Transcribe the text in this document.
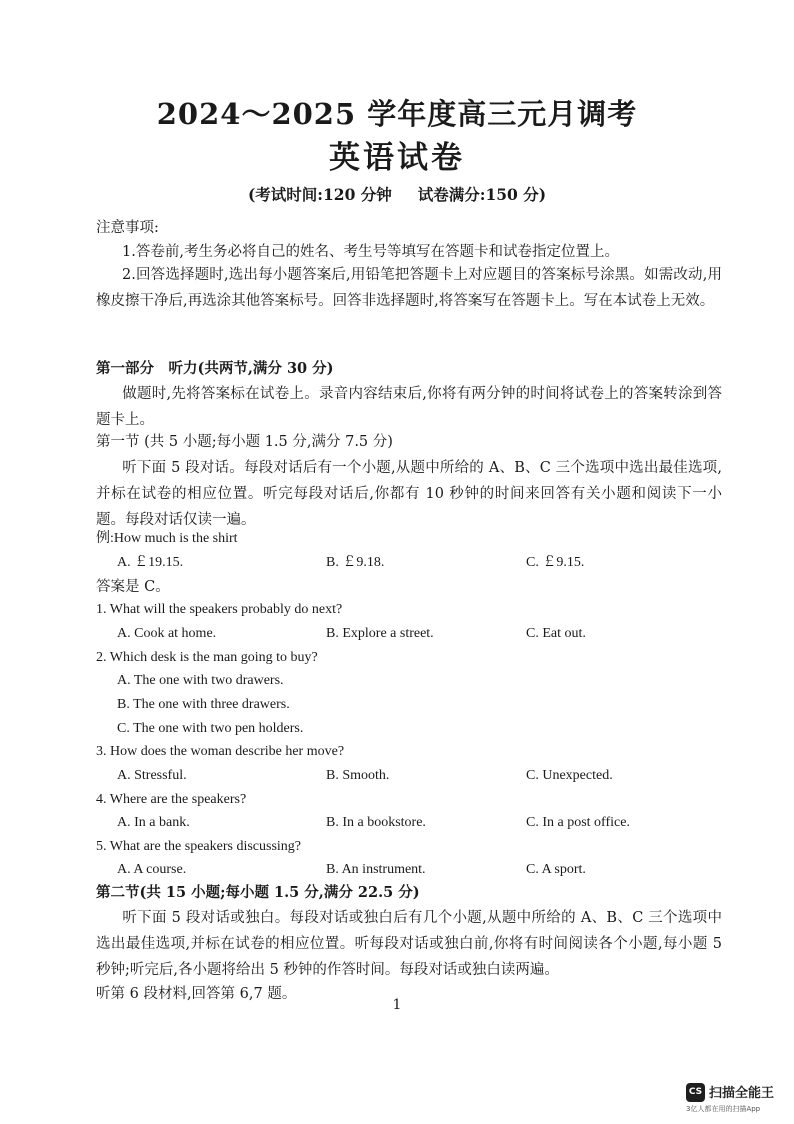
2024～2025 学年度高三元月调考
英语试卷
(考试时间:120 分钟 试卷满分:150 分)
注意事项:
1.答卷前,考生务必将自己的姓名、考生号等填写在答题卡和试卷指定位置上。
2.回答选择题时,选出每小题答案后,用铅笔把答题卡上对应题目的答案标号涂黑。如需改动,用橡皮擦干净后,再选涂其他答案标号。回答非选择题时,将答案写在答题卡上。写在本试卷上无效。
第一部分　听力(共两节,满分 30 分)
做题时,先将答案标在试卷上。录音内容结束后,你将有两分钟的时间将试卷上的答案转涂到答题卡上。
第一节 (共 5 小题;每小题 1.5 分,满分 7.5 分)
听下面 5 段对话。每段对话后有一个小题,从题中所给的 A、B、C 三个选项中选出最佳选项,并标在试卷的相应位置。听完每段对话后,你都有 10 秒钟的时间来回答有关小题和阅读下一小题。每段对话仅读一遍。
例:How much is the shirt
A. ￡19.15.	B. ￡9.18.	C. ￡9.15.
答案是 C。
1. What will the speakers probably do next?
A. Cook at home.	B. Explore a street.	C. Eat out.
2. Which desk is the man going to buy?
A. The one with two drawers.
B. The one with three drawers.
C. The one with two pen holders.
3. How does the woman describe her move?
A. Stressful.	B. Smooth.	C. Unexpected.
4. Where are the speakers?
A. In a bank.	B. In a bookstore.	C. In a post office.
5. What are the speakers discussing?
A. A course.	B. An instrument.	C. A sport.
第二节(共 15 小题;每小题 1.5 分,满分 22.5 分)
听下面 5 段对话或独白。每段对话或独白后有几个小题,从题中所给的 A、B、C 三个选项中选出最佳选项,并标在试卷的相应位置。听每段对话或独白前,你将有时间阅读各个小题,每小题 5 秒钟;听完后,各小题将给出 5 秒钟的作答时间。每段对话或独白读两遍。
听第 6 段材料,回答第 6,7 题。
1
CS 扫描全能王
3亿人都在用的扫描App
